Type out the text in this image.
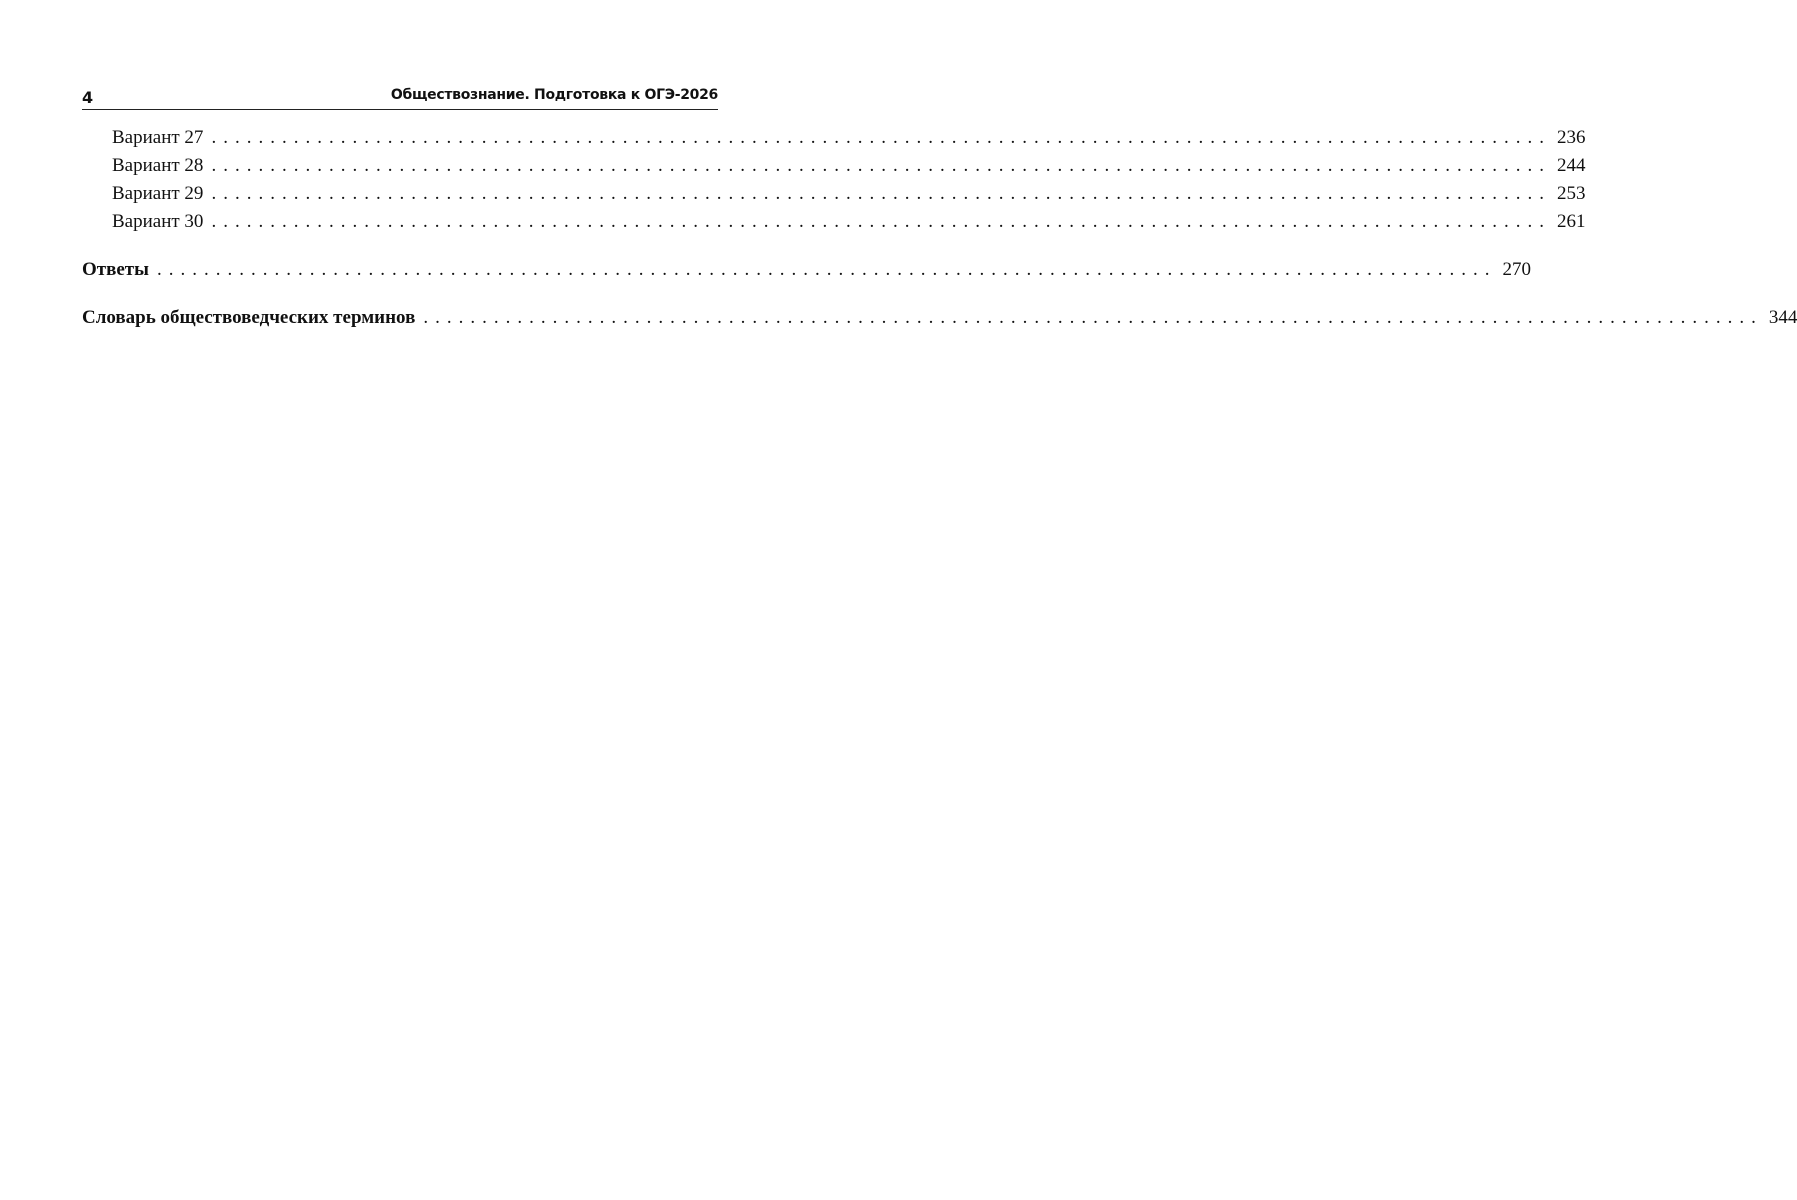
4	Обществознание. Подготовка к ОГЭ-2026
Вариант 27 .................................................................................................................. 236
Вариант 28 .................................................................................................................. 244
Вариант 29 .................................................................................................................. 253
Вариант 30 .................................................................................................................. 261
Ответы .................................................................................................................. 270
Словарь обществоведческих терминов .................................................................................................................. 344
